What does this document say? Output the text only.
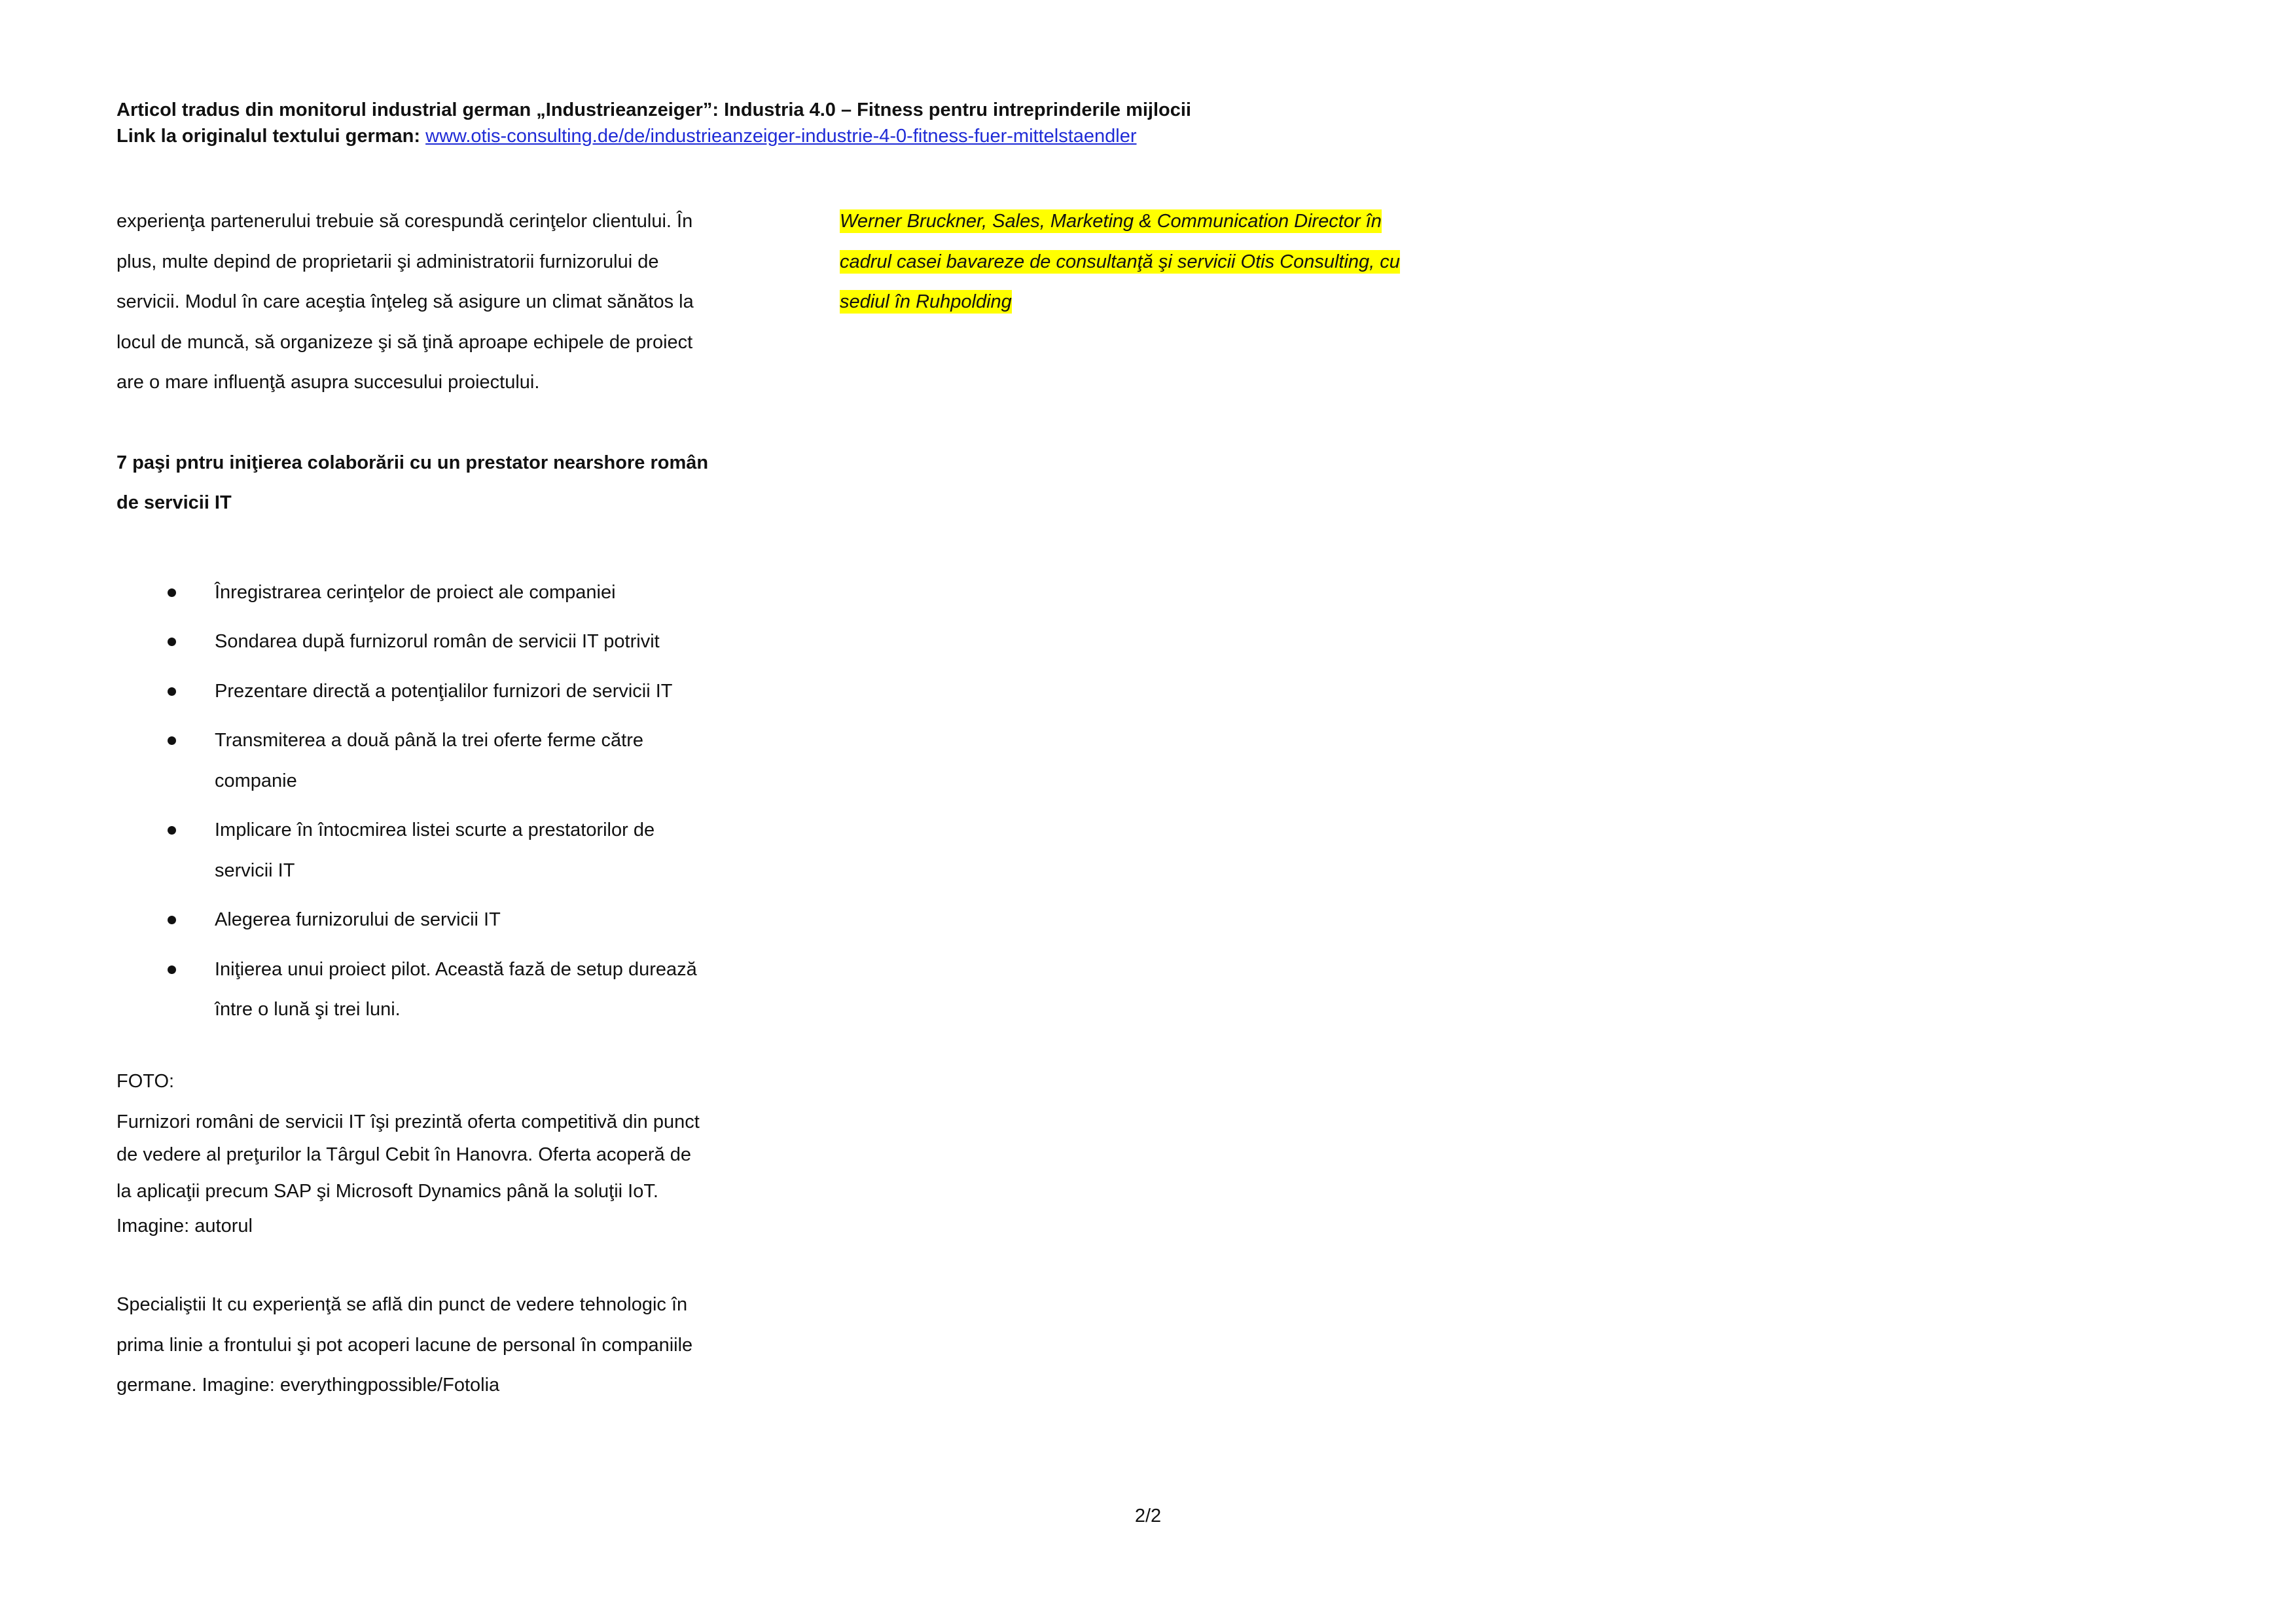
Articol tradus din monitorul industrial german „Industrieanzeiger”: Industria 4.0 – Fitness pentru intreprinderile mijlocii
Link la originalul textului german: www.otis-consulting.de/de/industrieanzeiger-industrie-4-0-fitness-fuer-mittelstaendler

experienţa partenerului trebuie să corespundă cerinţelor clientului. În

plus, multe depind de proprietarii şi administratorii furnizorului de

servicii. Modul în care aceştia înţeleg să asigure un climat sănătos la

locul de muncă, să organizeze şi să ţină aproape echipele de proiect

are o mare influenţă asupra succesului proiectului.

7 paşi pntru iniţierea colaborării cu un prestator nearshore român

de servicii IT

Înregistrarea cerinţelor de proiect ale companiei
Sondarea după furnizorul român de servicii IT potrivit
Prezentare directă a potenţialilor furnizori de servicii IT
Transmiterea a două până la trei oferte ferme către
companie
Implicare în întocmirea listei scurte a prestatorilor de
servicii IT
Alegerea furnizorului de servicii IT
Iniţierea unui proiect pilot. Această fază de setup durează
între o lună şi trei luni.

FOTO:

Furnizori români de servicii IT îşi prezintă oferta competitivă din punct

de vedere al preţurilor la Târgul Cebit în Hanovra. Oferta acoperă de

la aplicaţii precum SAP şi Microsoft Dynamics până la soluţii IoT.

Imagine: autorul

Specialiştii It cu experienţă se află din punct de vedere tehnologic în

prima linie a frontului şi pot acoperi lacune de personal în companiile

germane. Imagine: everythingpossible/Fotolia

Werner Bruckner, Sales, Marketing & Communication Director în

cadrul casei bavareze de consultanţă şi servicii Otis Consulting, cu

sediul în Ruhpolding

2/2
